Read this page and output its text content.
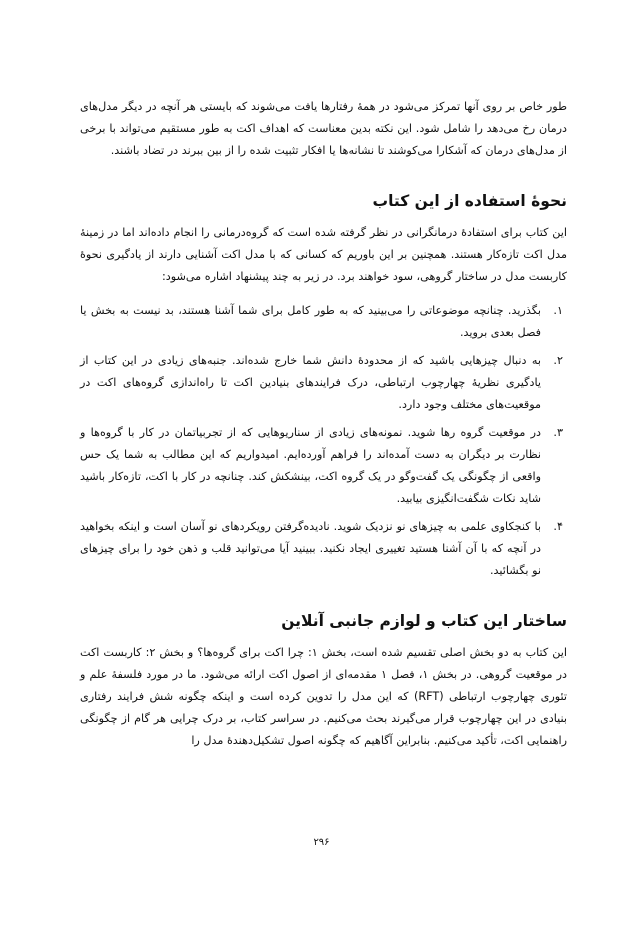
طور خاص بر روی آنها تمرکز می‌شود در همهٔ رفتارها یافت می‌شوند که بایستی هر آنچه در دیگر مدل‌های درمان رخ می‌دهد را شامل شود. این نکته بدین معناست که اهداف اکت به طور مستقیم می‌تواند با برخی از مدل‌های درمان که آشکارا می‌کوشند تا نشانه‌ها یا افکار تثبیت شده را از بین ببرند در تضاد باشند.

نحوهٔ استفاده از این کتاب

این کتاب برای استفادهٔ درمانگرانی در نظر گرفته شده است که گروه‌درمانی را انجام داده‌اند اما در زمینهٔ مدل اکت تازه‌کار هستند. همچنین بر این باوریم که کسانی که با مدل اکت آشنایی دارند از یادگیری نحوهٔ کاربست مدل در ساختار گروهی، سود خواهند برد. در زیر به چند پیشنهاد اشاره می‌شود:

۱.

بگذرید. چنانچه موضوعاتی را می‌بینید که به طور کامل برای شما آشنا هستند، بد نیست به بخش یا فصل بعدی بروید.

۲.

به دنبال چیزهایی باشید که از محدودهٔ دانش شما خارج شده‌اند. جنبه‌های زیادی در این کتاب از یادگیری نظریهٔ چهارچوب ارتباطی، درک فرایندهای بنیادین اکت تا راه‌اندازی گروه‌های اکت در موقعیت‌های مختلف وجود دارد.

۳.

در موقعیت گروه رها شوید. نمونه‌های زیادی از سناریوهایی که از تجربیاتمان در کار با گروه‌ها و نظارت بر دیگران به دست آمده‌اند را فراهم آورده‌ایم. امیدواریم که این مطالب به شما یک حس واقعی از چگونگی یک گفت‌وگو در یک گروه اکت، بینشکش کند. چنانچه در کار با اکت، تازه‌کار باشید شاید نکات شگفت‌انگیزی بیابید.

۴.

با کنجکاوی علمی به چیزهای نو نزدیک شوید. نادیده‌گرفتن رویکردهای نو آسان است و اینکه بخواهید در آنچه که با آن آشنا هستید تغییری ایجاد نکنید. ببینید آیا می‌توانید قلب و ذهن خود را برای چیزهای نو بگشائید.

ساختار این کتاب و لوازم جانبی آنلاین

این کتاب به دو بخش اصلی تقسیم شده است، بخش ۱: چرا اکت برای گروه‌ها؟ و بخش ۲: کاربست اکت در موقعیت گروهی. در بخش ۱، فصل ۱ مقدمه‌ای از اصول اکت ارائه می‌شود. ما در مورد فلسفهٔ علم و تئوری چهارچوب ارتباطی (RFT) که این مدل را تدوین کرده است و اینکه چگونه شش فرایند رفتاری بنیادی در این چهارچوب قرار می‌گیرند بحث می‌کنیم. در سراسر کتاب، بر درک چرایی هر گام از چگونگی راهنمایی اکت، تأکید می‌کنیم. بنابراین آگاهیم که چگونه اصول تشکیل‌دهندهٔ مدل را

۲۹۶
